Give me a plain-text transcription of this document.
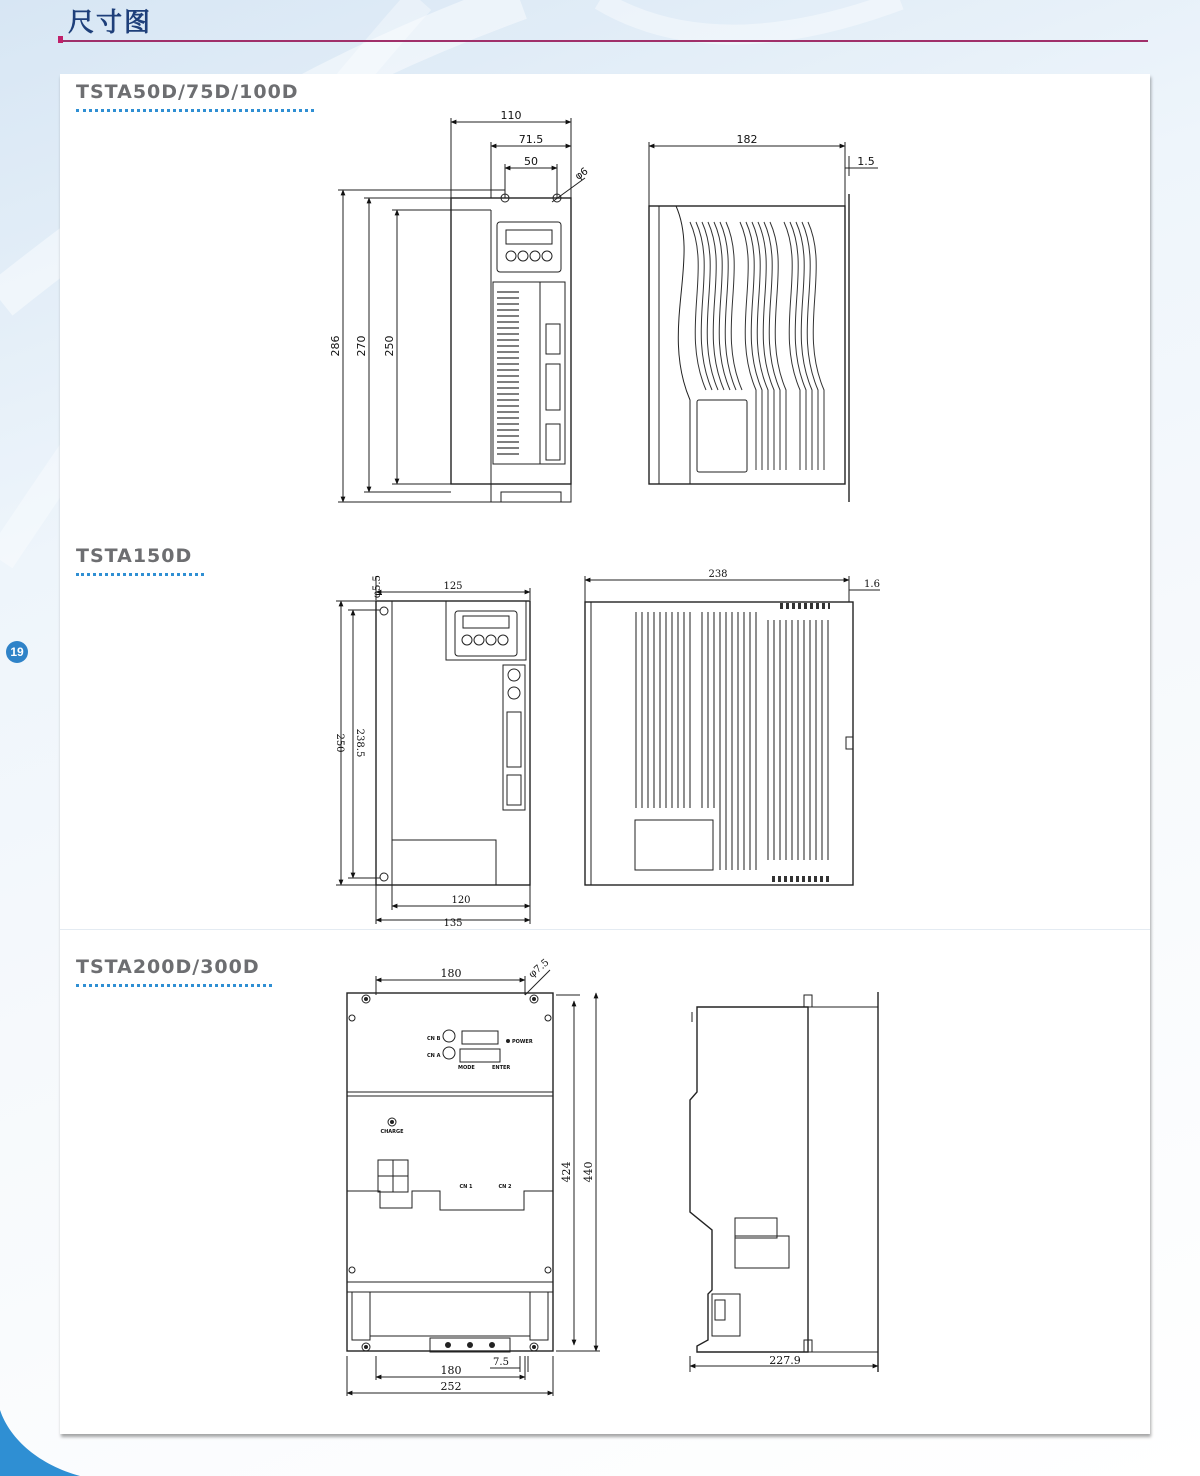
尺寸图
TSTA50D/75D/100D
TSTA150D
TSTA200D/300D
19
110
71.5
50
φ6
286 270 250
182
1.5
φ5.5	125
250 238.5
120
135
238
1.6
CN B
CN A
POWER
MODE	ENTER
CHARGE
CN 1	CN 2
180	φ7.5
424 440
7.5
180
252
227.9
